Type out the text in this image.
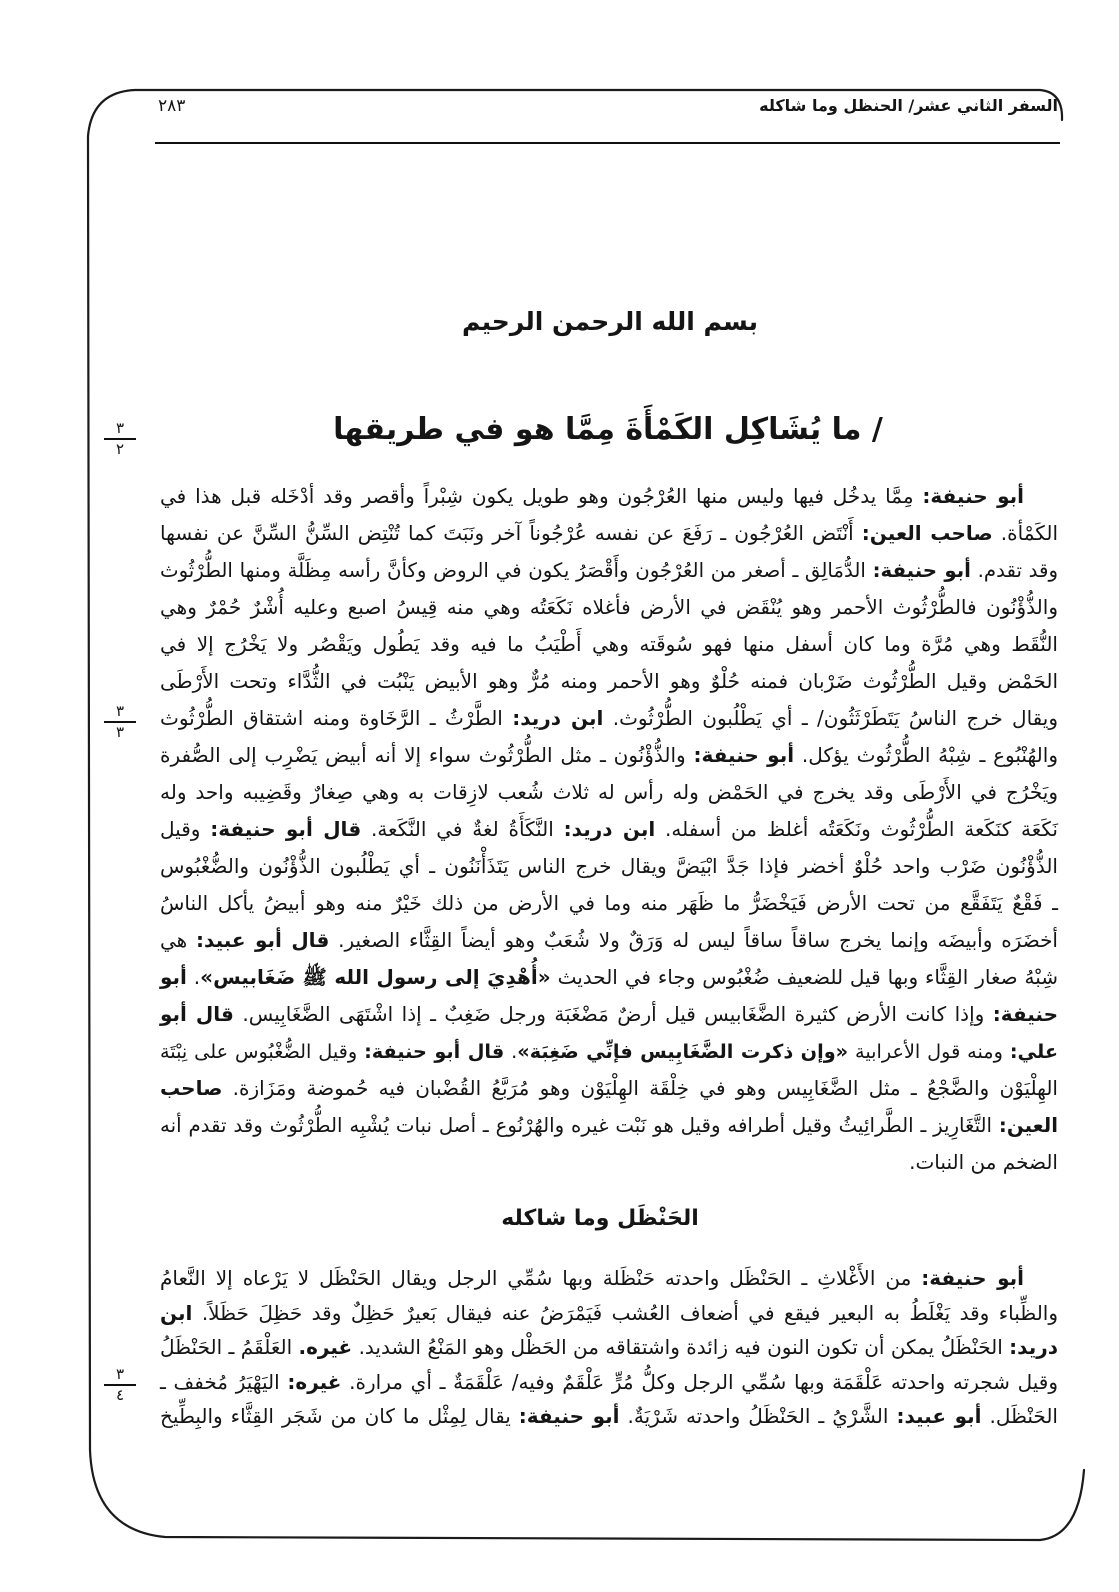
السفر الثاني عشر/ الحنظل وما شاكله
٢٨٣
بسم الله الرحمن الرحيم
/ ما يُشَاكِل الكَمْأَةَ مِمَّا هو في طريقها
٣
٢
٣
٣
٣
٤
أبو حنيفة: مِمَّا يدخُل فيها وليس منها العُرْجُون وهو طويل يكون شِبْراً وأقصر وقد أدْخَله قبل هذا في
الكَمْأة. صاحب العين: أَنْتَض العُرْجُون ـ رَفَعَ عن نفسه عُرْجُوناً آخر ونَبَتَ كما تُنْتِض السِّنُّ السِّنَّ عن نفسها
وقد تقدم. أبو حنيفة: الدُّمَالِق ـ أصغر من العُرْجُون وأَقْصَرُ يكون في الروض وكأنَّ رأسه مِظَلَّة ومنها الطُّرْثُوث
والذُّؤْنُون فالطُّرْثُوث الأحمر وهو يُنْقَض في الأرض فأغلاه نَكَعَتُه وهي منه قِيسُ اصبع وعليه أُشْرٌ حُمْرٌ وهي
النُّقَط وهي مُرَّة وما كان أسفل منها فهو سُوقَته وهي أَطْيَبُ ما فيه وقد يَطُول ويَقْصُر ولا يَخْرُج إلا في
الحَمْض وقيل الطُّرْثُوث ضَرْبان فمنه حُلْوٌ وهو الأحمر ومنه مُرٌّ وهو الأبيض يَنْبُت في الثُّدَّاء وتحت الأَرْطَى
ويقال خرج الناسُ يَتَطَرْثَثُون/ ـ أي يَطْلُبون الطُّرْثُوث. ابن دريد: الطَّرْثُ ـ الرَّخَاوة ومنه اشتقاق الطُّرْثُوث
والهُنْبُوع ـ شِبْهُ الطُّرْثُوث يؤكل. أبو حنيفة: والذُّؤْنُون ـ مثل الطُّرْثُوث سواء إلا أنه أبيض يَضْرِب إلى الصُّفرة
ويَخْرُج في الأَرْطَى وقد يخرج في الحَمْض وله رأس له ثلاث شُعب لازِقات به وهي صِغارٌ وقَضِيبه واحد وله
نَكَعَة كنَكَعة الطُّرْثُوث ونَكَعَتُه أغلظ من أسفله. ابن دريد: النَّكَأَةُ لغةٌ في النَّكَعة. قال أبو حنيفة: وقيل
الذُّؤْنُون ضَرْب واحد حُلْوٌ أخضر فإذا جَدَّ ابْيَضَّ ويقال خرج الناس يَتَذَأْنَنُون ـ أي يَطْلُبون الذُّؤْنُون والضُّغْبُوس
ـ فَقْعٌ يَتَفَقَّع من تحت الأرض فَيَخْضَرُّ ما ظَهَر منه وما في الأرض من ذلك خَيْرٌ منه وهو أبيضُ يأكل الناسُ
أخضَرَه وأبيضَه وإنما يخرج ساقاً ساقاً ليس له وَرَقٌ ولا شُعَبٌ وهو أيضاً القِثَّاء الصغير. قال أبو عبيد: هي
شِبْهُ صغار القِثَّاء وبها قيل للضعيف ضُغْبُوس وجاء في الحديث «أُهْدِيَ إلى رسول الله ﷺ ضَغَابيس». أبو
حنيفة: وإذا كانت الأرض كثيرة الضَّغَابيس قيل أرضٌ مَضْغَبَة ورجل ضَغِبٌ ـ إذا اشْتَهَى الضَّغَابِيس. قال أبو
علي: ومنه قول الأعرابية «وإن ذكرت الضَّغَابِيس فإنِّي ضَغِبَة». قال أبو حنيفة: وقيل الضُّغْبُوس على نِبْتَة
الهِلْيَوْن والضَّجْعُ ـ مثل الضَّغَابِيس وهو في خِلْقَة الهِلْيَوْن وهو مُرَبَّعُ القُضْبان فيه حُموضة ومَزَازة. صاحب
العين: التَّغَارِيز ـ الطَّرائِيثُ وقيل أطرافه وقيل هو نَبْت غيره والهُرْنُوع ـ أصل نبات يُشْبِه الطُّرْثُوث وقد تقدم أنه
الضخم من النبات.
الحَنْظَل وما شاكله
أبو حنيفة: من الأَغْلاثِ ـ الحَنْظَل واحدته حَنْظَلة وبها سُمِّي الرجل ويقال الحَنْظَل لا يَرْعاه إلا النَّعامُ
والظِّباء وقد يَغْلَطُ به البعير فيقع في أضعاف العُشب فَيَمْرَضُ عنه فيقال بَعيرٌ حَظِلٌ وقد حَظِلَ حَظَلاً. ابن
دريد: الحَنْظَلُ يمكن أن تكون النون فيه زائدة واشتقاقه من الحَظْل وهو المَنْعُ الشديد. غيره. العَلْقَمُ ـ الحَنْظَلُ
وقيل شجرته واحدته عَلْقَمَة وبها سُمِّي الرجل وكلُّ مُرٍّ عَلْقَمٌ وفيه/ عَلْقَمَةٌ ـ أي مرارة. غيره: اليَهْيَرُ مُخفف ـ
الحَنْظَل. أبو عبيد: الشَّرْيُ ـ الحَنْظَلُ واحدته شَرْيَةٌ. أبو حنيفة: يقال لِمِثْل ما كان من شَجَر القِثَّاء والبِطِّيخ
